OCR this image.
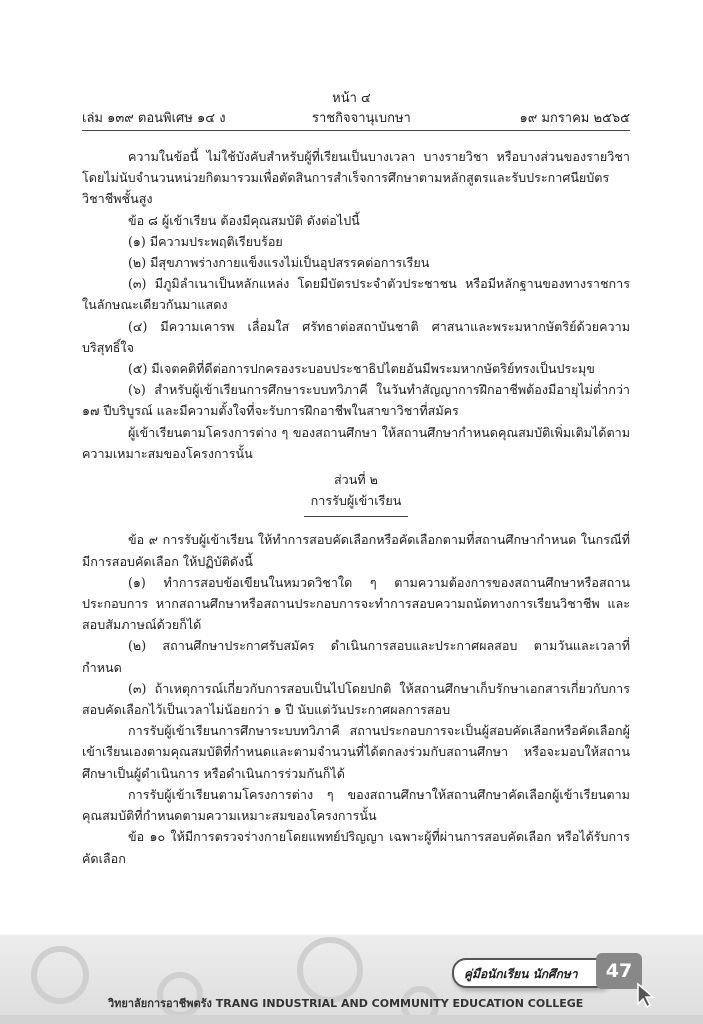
หน้า ๔
เล่ม ๑๓๙ ตอนพิเศษ ๑๔ ง	ราชกิจจานุเบกษา	๑๙ มกราคม ๒๕๖๕

ความในข้อนี้ ไม่ใช้บังคับสำหรับผู้ที่เรียนเป็นบางเวลา บางรายวิชา หรือบางส่วนของรายวิชา โดยไม่นับจำนวนหน่วยกิตมารวมเพื่อตัดสินการสำเร็จการศึกษาตามหลักสูตรและรับประกาศนียบัตรวิชาชีพชั้นสูง

ข้อ ๘ ผู้เข้าเรียน ต้องมีคุณสมบัติ ดังต่อไปนี้

(๑) มีความประพฤติเรียบร้อย

(๒) มีสุขภาพร่างกายแข็งแรงไม่เป็นอุปสรรคต่อการเรียน

(๓) มีภูมิลำเนาเป็นหลักแหล่ง โดยมีบัตรประจำตัวประชาชน หรือมีหลักฐานของทางราชการในลักษณะเดียวกันมาแสดง

(๔) มีความเคารพ เลื่อมใส ศรัทธาต่อสถาบันชาติ ศาสนาและพระมหากษัตริย์ด้วยความบริสุทธิ์ใจ

(๕) มีเจตคติที่ดีต่อการปกครองระบอบประชาธิปไตยอันมีพระมหากษัตริย์ทรงเป็นประมุข

(๖) สำหรับผู้เข้าเรียนการศึกษาระบบทวิภาคี ในวันทำสัญญาการฝึกอาชีพต้องมีอายุไม่ต่ำกว่า ๑๗ ปีบริบูรณ์ และมีความตั้งใจที่จะรับการฝึกอาชีพในสาขาวิชาที่สมัคร

ผู้เข้าเรียนตามโครงการต่าง ๆ ของสถานศึกษา ให้สถานศึกษากำหนดคุณสมบัติเพิ่มเติมได้ตามความเหมาะสมของโครงการนั้น

ส่วนที่ ๒

การรับผู้เข้าเรียน

ข้อ ๙ การรับผู้เข้าเรียน ให้ทำการสอบคัดเลือกหรือคัดเลือกตามที่สถานศึกษากำหนด ในกรณีที่มีการสอบคัดเลือก ให้ปฏิบัติดังนี้

(๑) ทำการสอบข้อเขียนในหมวดวิชาใด ๆ ตามความต้องการของสถานศึกษาหรือสถานประกอบการ หากสถานศึกษาหรือสถานประกอบการจะทำการสอบความถนัดทางการเรียนวิชาชีพ และสอบสัมภาษณ์ด้วยก็ได้

(๒) สถานศึกษาประกาศรับสมัคร ดำเนินการสอบและประกาศผลสอบ ตามวันและเวลาที่กำหนด

(๓) ถ้าเหตุการณ์เกี่ยวกับการสอบเป็นไปโดยปกติ ให้สถานศึกษาเก็บรักษาเอกสารเกี่ยวกับการสอบคัดเลือกไว้เป็นเวลาไม่น้อยกว่า ๑ ปี นับแต่วันประกาศผลการสอบ

การรับผู้เข้าเรียนการศึกษาระบบทวิภาคี สถานประกอบการจะเป็นผู้สอบคัดเลือกหรือคัดเลือกผู้เข้าเรียนเองตามคุณสมบัติที่กำหนดและตามจำนวนที่ได้ตกลงร่วมกับสถานศึกษา หรือจะมอบให้สถานศึกษาเป็นผู้ดำเนินการ หรือดำเนินการร่วมกันก็ได้

การรับผู้เข้าเรียนตามโครงการต่าง ๆ ของสถานศึกษาให้สถานศึกษาคัดเลือกผู้เข้าเรียนตามคุณสมบัติที่กำหนดตามความเหมาะสมของโครงการนั้น

ข้อ ๑๐ ให้มีการตรวจร่างกายโดยแพทย์ปริญญา เฉพาะผู้ที่ผ่านการสอบคัดเลือก หรือได้รับการคัดเลือก

คู่มือนักเรียน นักศึกษา	47
วิทยาลัยการอาชีพตรัง TRANG INDUSTRIAL AND COMMUNITY EDUCATION COLLEGE
